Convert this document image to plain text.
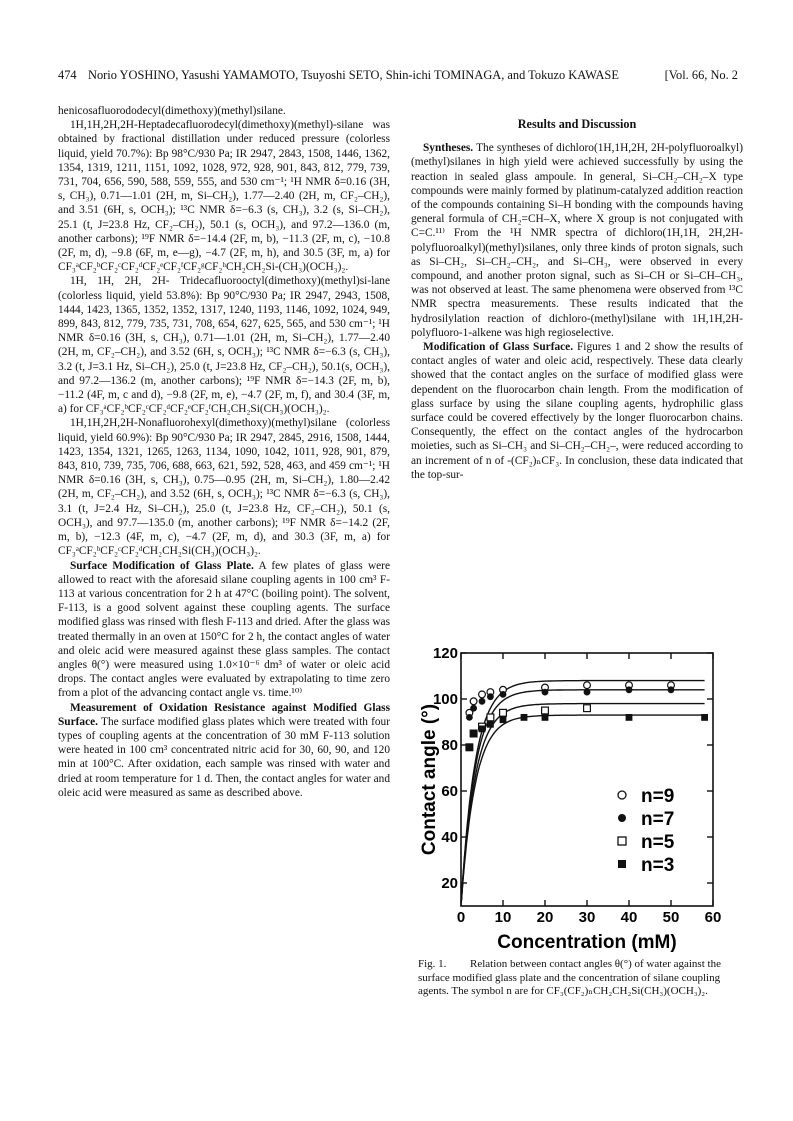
474 Norio YOSHINO, Yasushi YAMAMOTO, Tsuyoshi SETO, Shin-ichi TOMINAGA, and Tokuzo KAWASE	[Vol. 66, No. 2

henicosafluorododecyl(dimethoxy)(methyl)silane.

1H,1H,2H,2H-Heptadecafluorodecyl(dimethoxy)(methyl)-silane was obtained by fractional distillation under reduced pressure (colorless liquid, yield 70.7%): Bp 98°C/930 Pa; IR 2947, 2843, 1508, 1446, 1362, 1354, 1319, 1211, 1151, 1092, 1028, 972, 928, 901, 843, 812, 779, 739, 731, 704, 656, 590, 588, 559, 555, and 530 cm⁻¹; ¹H NMR δ=0.16 (3H, s, CH₃), 0.71—1.01 (2H, m, Si–CH₂), 1.77—2.40 (2H, m, CF₂–CH₂), and 3.51 (6H, s, OCH₃); ¹³C NMR δ=−6.3 (s, CH₃), 3.2 (s, Si–CH₂), 25.1 (t, J=23.8 Hz, CF₂–CH₂), 50.1 (s, OCH₃), and 97.2—136.0 (m, another carbons); ¹⁹F NMR δ=−14.4 (2F, m, b), −11.3 (2F, m, c), −10.8 (2F, m, d), −9.8 (6F, m, e—g), −4.7 (2F, m, h), and 30.5 (3F, m, a) for CF₃ᵃCF₂ᵇCF₂ᶜCF₂ᵈCF₂ᵉCF₂ᶠCF₂ᵍCF₂ʰCH₂CH₂Si-(CH₃)(OCH₃)₂.

1H, 1H, 2H, 2H- Tridecafluorooctyl(dimethoxy)(methyl)si-lane (colorless liquid, yield 53.8%): Bp 90°C/930 Pa; IR 2947, 2943, 1508, 1444, 1423, 1365, 1352, 1352, 1317, 1240, 1193, 1146, 1092, 1024, 949, 899, 843, 812, 779, 735, 731, 708, 654, 627, 625, 565, and 530 cm⁻¹; ¹H NMR δ=0.16 (3H, s, CH₃), 0.71—1.01 (2H, m, Si–CH₂), 1.77—2.40 (2H, m, CF₂–CH₂), and 3.52 (6H, s, OCH₃); ¹³C NMR δ=−6.3 (s, CH₃), 3.2 (t, J=3.1 Hz, Si–CH₂), 25.0 (t, J=23.8 Hz, CF₂–CH₂), 50.1(s, OCH₃), and 97.2—136.2 (m, another carbons); ¹⁹F NMR δ=−14.3 (2F, m, b), −11.2 (4F, m, c and d), −9.8 (2F, m, e), −4.7 (2F, m, f), and 30.4 (3F, m, a) for CF₃ᵃCF₂ᵇCF₂ᶜCF₂ᵈCF₂ᵉCF₂ᶠCH₂CH₂Si(CH₃)(OCH₃)₂.

1H,1H,2H,2H-Nonafluorohexyl(dimethoxy)(methyl)silane (colorless liquid, yield 60.9%): Bp 90°C/930 Pa; IR 2947, 2845, 2916, 1508, 1444, 1423, 1354, 1321, 1265, 1263, 1134, 1090, 1042, 1011, 928, 901, 879, 843, 810, 739, 735, 706, 688, 663, 621, 592, 528, 463, and 459 cm⁻¹; ¹H NMR δ=0.16 (3H, s, CH₃), 0.75—0.95 (2H, m, Si–CH₂), 1.80—2.42 (2H, m, CF₂–CH₂), and 3.52 (6H, s, OCH₃); ¹³C NMR δ=−6.3 (s, CH₃), 3.1 (t, J=2.4 Hz, Si–CH₂), 25.0 (t, J=23.8 Hz, CF₂–CH₂), 50.1 (s, OCH₃), and 97.7—135.0 (m, another carbons); ¹⁹F NMR δ=−14.2 (2F, m, b), −12.3 (4F, m, c), −4.7 (2F, m, d), and 30.3 (3F, m, a) for CF₃ᵃCF₂ᵇCF₂ᶜCF₂ᵈCH₂CH₂Si(CH₃)(OCH₃)₂.

Surface Modification of Glass Plate. A few plates of glass were allowed to react with the aforesaid silane coupling agents in 100 cm³ F-113 at various concentration for 2 h at 47°C (boiling point). The solvent, F-113, is a good solvent against these coupling agents. The surface modified glass was rinsed with flesh F-113 and dried. After the glass was treated thermally in an oven at 150°C for 2 h, the contact angles of water and oleic acid were measured against these glass samples. The contact angles θ(°) were measured using 1.0×10⁻⁶ dm³ of water or oleic acid drops. The contact angles were evaluated by extrapolating to time zero from a plot of the advancing contact angle vs. time.¹⁰⁾

Measurement of Oxidation Resistance against Modified Glass Surface. The surface modified glass plates which were treated with four types of coupling agents at the concentration of 30 mM F-113 solution were heated in 100 cm³ concentrated nitric acid for 30, 60, 90, and 120 min at 100°C. After oxidation, each sample was rinsed with water and dried at room temperature for 1 d. Then, the contact angles for water and oleic acid were measured as same as described above.

Results and Discussion

Syntheses. The syntheses of dichloro(1H,1H,2H, 2H-polyfluoroalkyl)(methyl)silanes in high yield were achieved successfully by using the reaction in sealed glass ampoule. In general, Si–CH₂–CH₂–X type compounds were mainly formed by platinum-catalyzed addition reaction of the compounds containing Si–H bonding with the compounds having general formula of CH₂=CH–X, where X group is not conjugated with C=C.¹¹⁾ From the ¹H NMR spectra of dichloro(1H,1H, 2H,2H-polyfluoroalkyl)(methyl)silanes, only three kinds of proton signals, such as Si–CH₂, Si–CH₂–CH₂, and Si–CH₃, were observed in every compound, and another proton signal, such as Si–CH or Si–CH–CH₃, was not observed at least. The same phenomena were observed from ¹³C NMR spectra measurements. These results indicated that the hydrosilylation reaction of dichloro-(methyl)silane with 1H,1H,2H-polyfluoro-1-alkene was high regioselective.

Modification of Glass Surface. Figures 1 and 2 show the results of contact angles of water and oleic acid, respectively. These data clearly showed that the contact angles on the surface of modified glass were dependent on the fluorocarbon chain length. From the modification of glass surface by using the silane coupling agents, hydrophilic glass surface could be covered effectively by the longer fluorocarbon chains. Consequently, the effect on the contact angles of the hydrocarbon moieties, such as Si–CH₃ and Si–CH₂–CH₂–, were reduced according to an increment of n of -(CF₂)ₙCF₃. In conclusion, these data indicated that the top-sur-

0 10 20 30 40 50 60
20
40
60
80
100
120
Concentration (mM)
Contact angle (°)	n=9
n=7
n=5
n=3
Fig. 1. Relation between contact angles θ(°) of water against the surface modified glass plate and the concentration of silane coupling agents. The symbol n are for CF₃(CF₂)ₙCH₂CH₂Si(CH₃)(OCH₃)₂.
